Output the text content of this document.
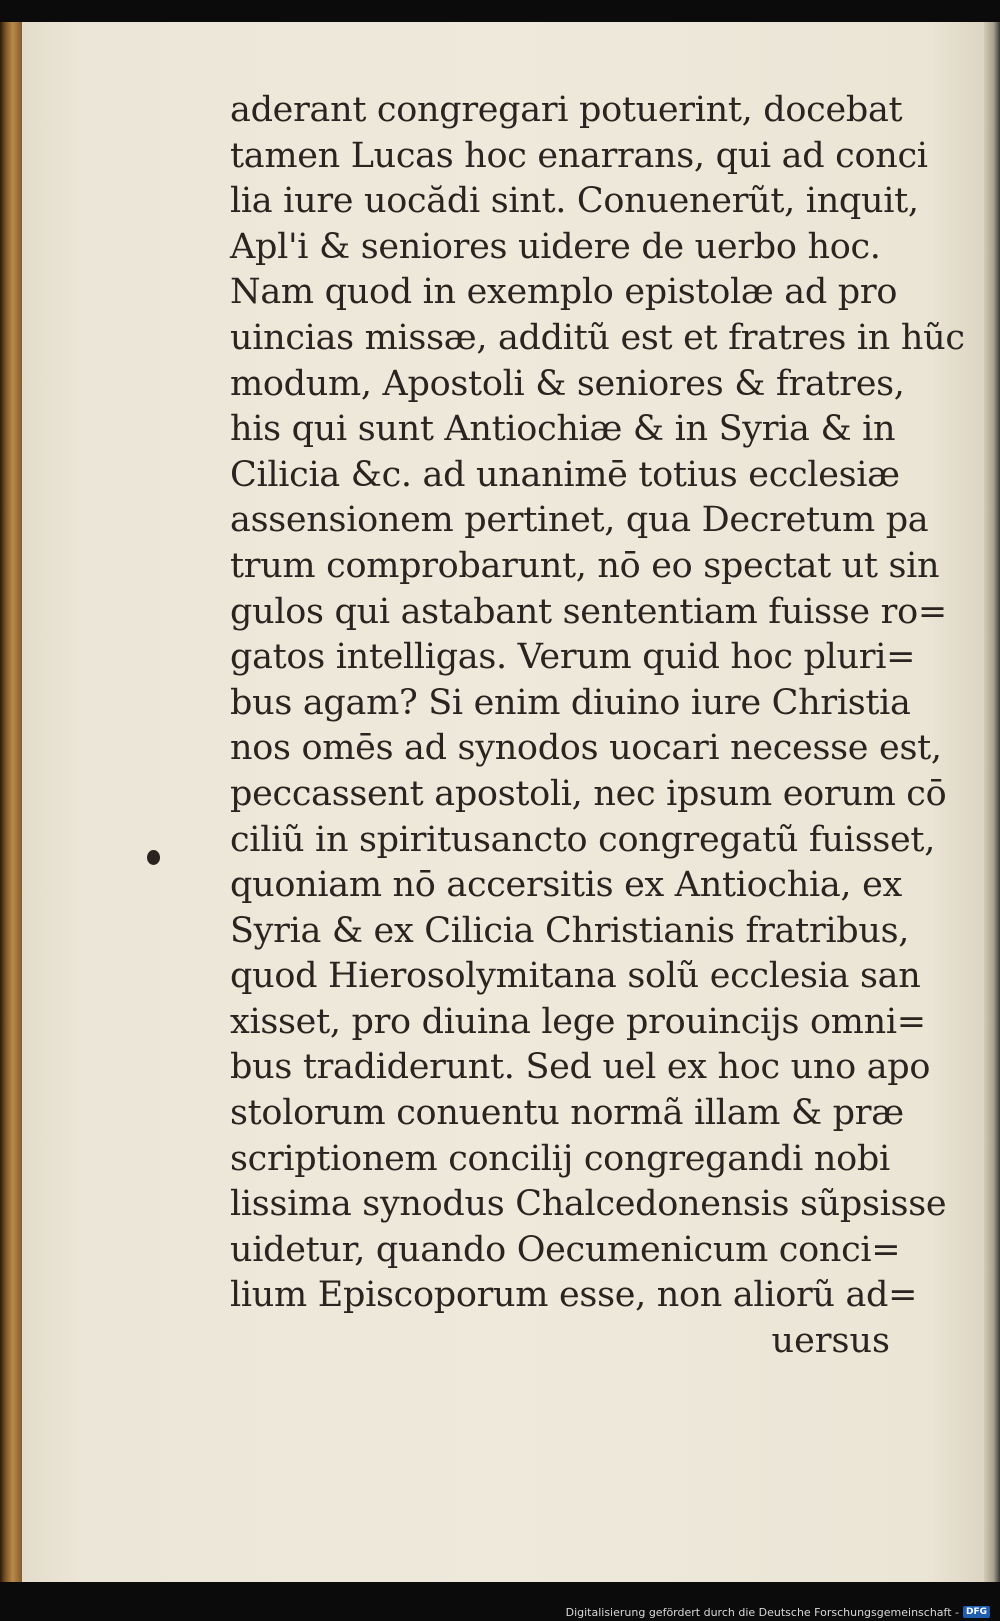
aderant congregari potuerint, docebat
tamen Lucas hoc enarrans, qui ad conci
lia iure uocădi sint. Conuenerũt, inquit,
Apl'i & seniores uidere de uerbo hoc.
Nam quod in exemplo epistolæ ad pro
uincias missæ, additũ est et fratres in hũc
modum, Apostoli & seniores & fratres,
his qui sunt Antiochiæ & in Syria & in
Cilicia &c. ad unanimē totius ecclesiæ
assensionem pertinet, qua Decretum pa
trum comprobarunt, nō eo spectat ut sin
gulos qui astabant sententiam fuisse ro=
gatos intelligas. Verum quid hoc pluri=
bus agam? Si enim diuino iure Christia
nos omēs ad synodos uocari necesse est,
peccassent apostoli, nec ipsum eorum cō
ciliũ in spiritusancto congregatũ fuisset,
quoniam nō accersitis ex Antiochia, ex
Syria & ex Cilicia Christianis fratribus,
quod Hierosolymitana solũ ecclesia san
xisset, pro diuina lege prouincijs omni=
bus tradiderunt. Sed uel ex hoc uno apo
stolorum conuentu normã illam & præ
scriptionem concilij congregandi nobi
lissima synodus Chalcedonensis sũpsisse
uidetur, quando Oecumenicum conci=
lium Episcoporum esse, non aliorũ ad=
uersus
Digitalisierung gefördert durch die Deutsche Forschungsgemeinschaft - DFG
